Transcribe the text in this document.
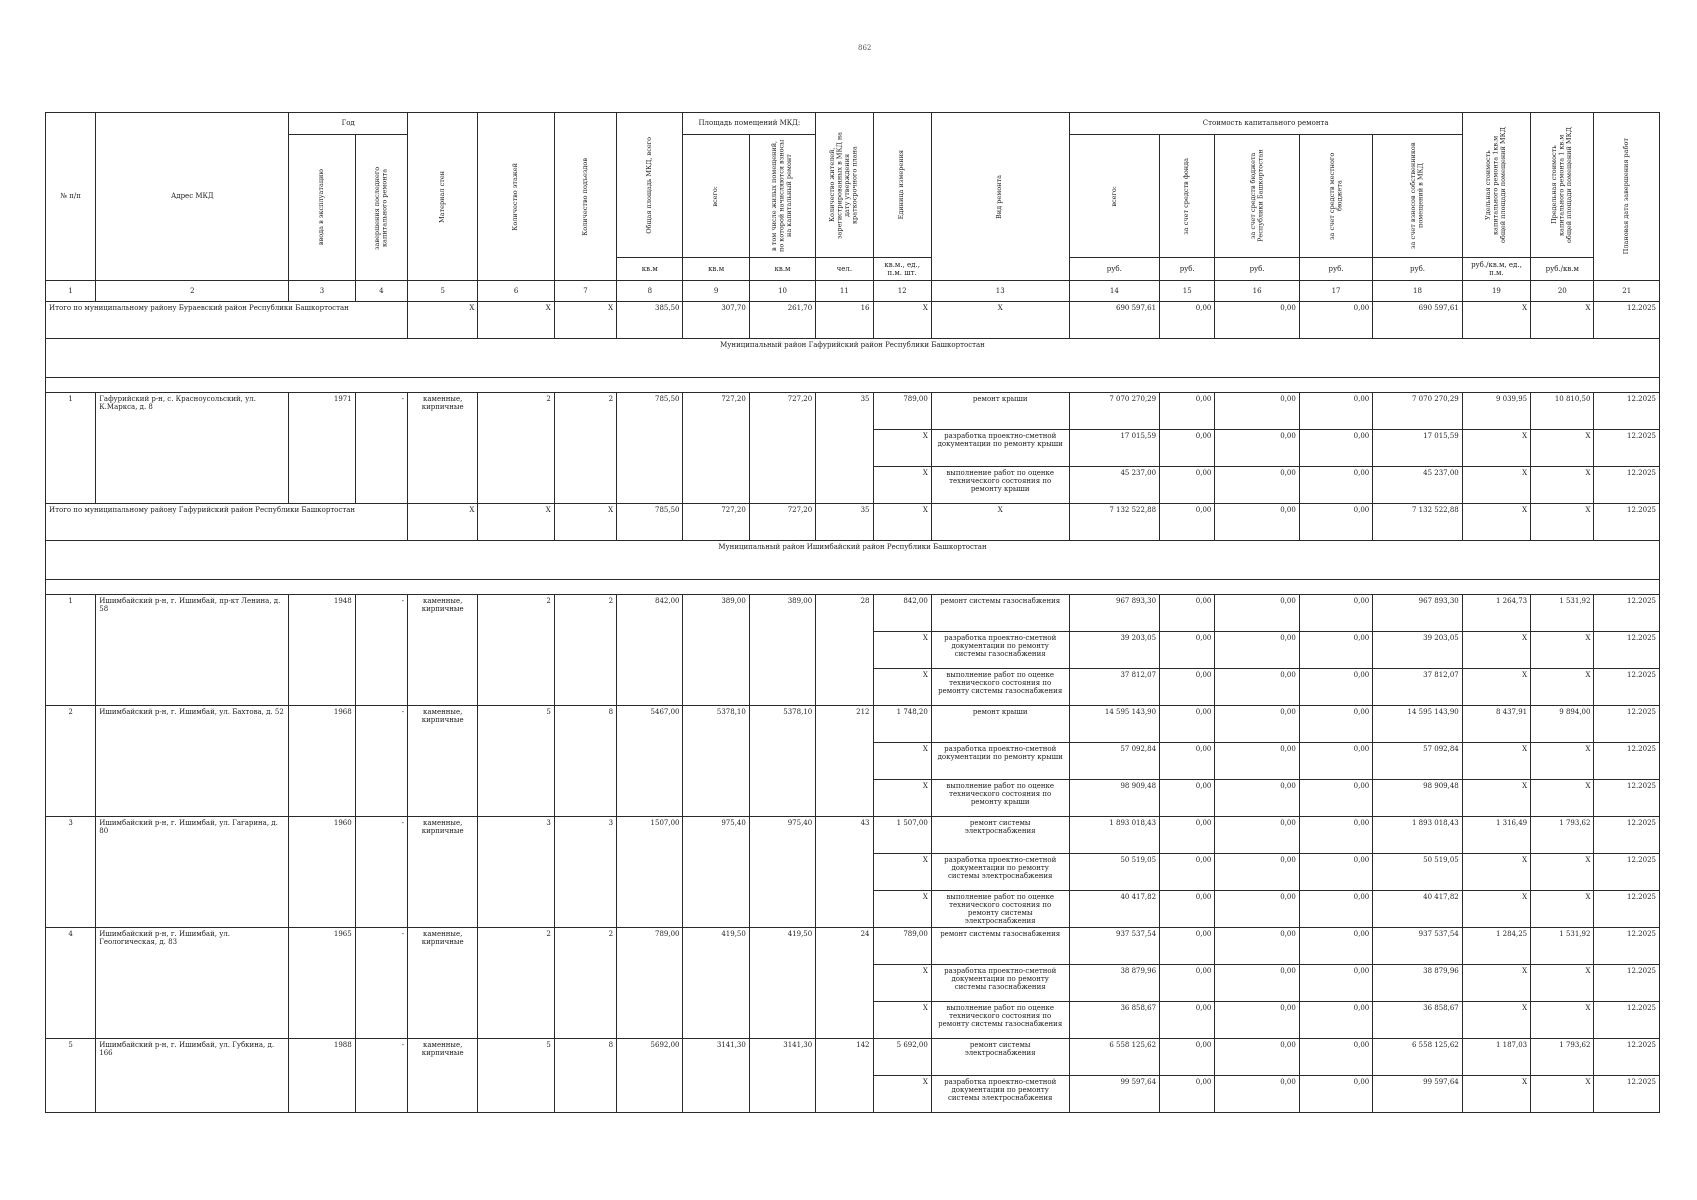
862
№ п/п	Адрес МКД	Год		Материал стен	Количество этажей	Количество подъездов	Общая площадь МКД, всего	Площадь помещений МКД:		Количество жителей, зарегистрированных в МКД на дату утверждения краткосрочного плана	Единица измерения	Вид ремонта	Стоимость капитального ремонта					Удельная стоимость капитального ремонта 1кв.м общей площади помещений МКД	Предельная стоимость капитального ремонта 1 кв.м общей площади помещений МКД	Плановая дата завершения работ

		ввода в эксплуатацию	завершения последнего капитального ремонта					всего:	в том числе жилых помещений, по которой начисляются взносы на капитальный ремонт				всего:	за счет средств фонда	за счет средств бюджета Республики Башкортостан	за счет средств местного бюджета	за счет взносов собственников помещений в МКД			

							кв.м	кв.м	кв.м	чел.	кв.м., ед., п.м. шт.		руб.	руб.	руб.	руб.	руб.	руб./кв.м, ед., п.м.	руб./кв.м	
1	2	3	4	5	6	7	8	9	10	11	12	13	14	15	16	17	18	19	20	21
Итого по муниципальному району Бураевский район Республики Башкортостан				X	X	X	385,50	307,70	261,70	16	X	X	690 597,61	0,00	0,00	0,00	690 597,61	X	X	12.2025
Муниципальный район Гафурийский район Республики Башкортостан																				

1	Гафурийский р-н, с. Красноусольский, ул. К.Маркса, д. 8	1971	-	каменные, кирпичные	2	2	785,50	727,20	727,20	35	789,00	ремонт крыши	7 070 270,29	0,00	0,00	0,00	7 070 270,29	9 039,95	10 810,50	12.2025
											X	разработка проектно-сметной документации по ремонту крыши	17 015,59	0,00	0,00	0,00	17 015,59	X	X	12.2025
											X	выполнение работ по оценке технического состояния по ремонту крыши	45 237,00	0,00	0,00	0,00	45 237,00	X	X	12.2025
Итого по муниципальному району Гафурийский район Республики Башкортостан				X	X	X	785,50	727,20	727,20	35	X	X	7 132 522,88	0,00	0,00	0,00	7 132 522,88	X	X	12.2025
Муниципальный район Ишимбайский район Республики Башкортостан																				

1	Ишимбайский р-н, г. Ишимбай, пр-кт Ленина, д. 58	1948	-	каменные, кирпичные	2	2	842,00	389,00	389,00	28	842,00	ремонт системы газоснабжения	967 893,30	0,00	0,00	0,00	967 893,30	1 264,73	1 531,92	12.2025
											X	разработка проектно-сметной документации по ремонту системы газоснабжения	39 203,05	0,00	0,00	0,00	39 203,05	X	X	12.2025
											X	выполнение работ по оценке технического состояния по ремонту системы газоснабжения	37 812,07	0,00	0,00	0,00	37 812,07	X	X	12.2025
2	Ишимбайский р-н, г. Ишимбай, ул. Бахтова, д. 52	1968	-	каменные, кирпичные	5	8	5467,00	5378,10	5378,10	212	1 748,20	ремонт крыши	14 595 143,90	0,00	0,00	0,00	14 595 143,90	8 437,91	9 894,00	12.2025
											X	разработка проектно-сметной документации по ремонту крыши	57 092,84	0,00	0,00	0,00	57 092,84	X	X	12.2025
											X	выполнение работ по оценке технического состояния по ремонту крыши	98 909,48	0,00	0,00	0,00	98 909,48	X	X	12.2025
3	Ишимбайский р-н, г. Ишимбай, ул. Гагарина, д. 80	1960	-	каменные, кирпичные	3	3	1507,00	975,40	975,40	43	1 507,00	ремонт системы электроснабжения	1 893 018,43	0,00	0,00	0,00	1 893 018,43	1 316,49	1 793,62	12.2025
											X	разработка проектно-сметной документации по ремонту системы электроснабжения	50 519,05	0,00	0,00	0,00	50 519,05	X	X	12.2025
											X	выполнение работ по оценке технического состояния по ремонту системы электроснабжения	40 417,82	0,00	0,00	0,00	40 417,82	X	X	12.2025
4	Ишимбайский р-н, г. Ишимбай, ул. Геологическая, д. 83	1965	-	каменные, кирпичные	2	2	789,00	419,50	419,50	24	789,00	ремонт системы газоснабжения	937 537,54	0,00	0,00	0,00	937 537,54	1 284,25	1 531,92	12.2025
											X	разработка проектно-сметной документации по ремонту системы газоснабжения	38 879,96	0,00	0,00	0,00	38 879,96	X	X	12.2025
											X	выполнение работ по оценке технического состояния по ремонту системы газоснабжения	36 858,67	0,00	0,00	0,00	36 858,67	X	X	12.2025
5	Ишимбайский р-н, г. Ишимбай, ул. Губкина, д. 166	1988	-	каменные, кирпичные	5	8	5692,00	3141,30	3141,30	142	5 692,00	ремонт системы электроснабжения	6 558 125,62	0,00	0,00	0,00	6 558 125,62	1 187,03	1 793,62	12.2025
											X	разработка проектно-сметной документации по ремонту системы электроснабжения	99 597,64	0,00	0,00	0,00	99 597,64	X	X	12.2025
